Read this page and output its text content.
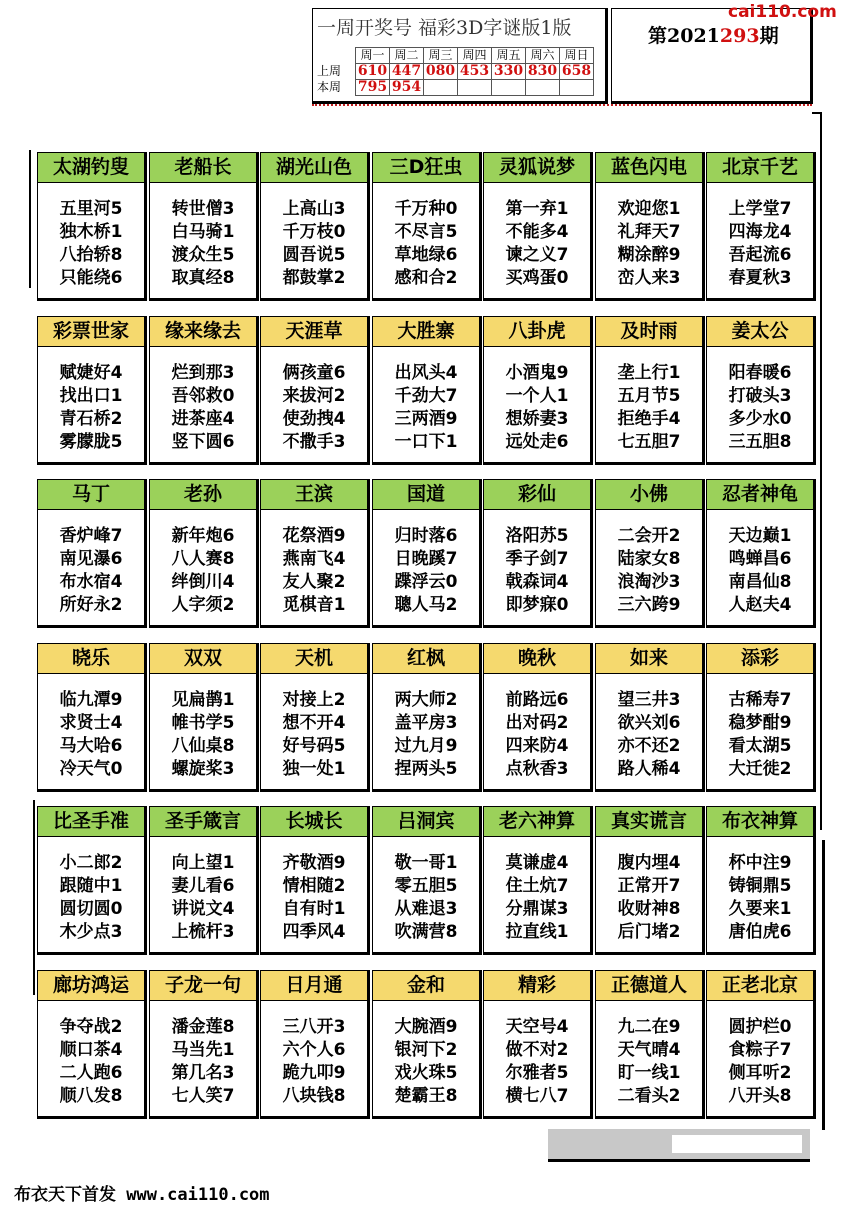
一周开奖号 福彩3D字谜版1版
	周一	周二	周三	周四	周五	周六	周日
上周	610	447	080	453	330	830	658
本周	795	954					
第2021293期
cai110.com
太湖钓叟
五里河5
独木桥1
八抬轿8
只能绕6
老船长
转世僧3
白马骑1
渡众生5
取真经8
湖光山色
上高山3
千万枝0
圆吾说5
都鼓掌2
三D狂虫
千万种0
不尽言5
草地绿6
感和合2
灵狐说梦
第一弃1
不能多4
谏之义7
买鸡蛋0
蓝色闪电
欢迎您1
礼拜天7
糊涂醉9
峦人来3
北京千艺
上学堂7
四海龙4
吾起流6
春夏秋3
彩票世家
赋婕好4
找出口1
青石桥2
雾朦胧5
缘来缘去
烂到那3
吾邻救0
进茶座4
竖下圆6
天涯草
俩孩童6
来拔河2
使劲拽4
不撒手3
大胜寨
出风头4
千劲大7
三两酒9
一口下1
八卦虎
小酒鬼9
一个人1
想娇妻3
远处走6
及时雨
垄上行1
五月节5
拒绝手4
七五胆7
姜太公
阳春暖6
打破头3
多少水0
三五胆8
马丁
香炉峰7
南见瀑6
布水宿4
所好永2
老孙
新年炮6
八人赛8
绊倒川4
人字须2
王滨
花祭酒9
燕南飞4
友人聚2
觅棋音1
国道
归时落6
日晚蹊7
蹀浮云0
聰人马2
彩仙
洛阳苏5
季子剑7
戟森词4
即梦寐0
小佛
二会开2
陆家女8
浪淘沙3
三六跨9
忍者神龟
天边巅1
鸣蝉昌6
南昌仙8
人赵夫4
晓乐
临九潭9
求贤士4
马大哈6
冷天气0
双双
见扁鹊1
帷书学5
八仙桌8
螺旋桨3
天机
对接上2
想不开4
好号码5
独一处1
红枫
两大师2
盖平房3
过九月9
捏两头5
晚秋
前路远6
出对码2
四来防4
点秋香3
如来
望三井3
欲兴刘6
亦不还2
路人稀4
添彩
古稀寿7
稳梦酣9
看太湖5
大迁徙2
比圣手准
小二郎2
跟随中1
圆切圆0
木少点3
圣手箴言
向上望1
妻儿看6
讲说文4
上梳杆3
长城长
齐敬酒9
情相随2
自有时1
四季风4
吕洞宾
敬一哥1
零五胆5
从难退3
吹满营8
老六神算
莫谦虚4
住土炕7
分鼎谋3
拉直线1
真实谎言
腹内埋4
正常开7
收财神8
后门堵2
布衣神算
杯中注9
铸铜鼎5
久要来1
唐伯虎6
廊坊鸿运
争夺战2
顺口茶4
二人跑6
顺八发8
子龙一句
潘金莲8
马当先1
第几名3
七人笑7
日月通
三八开3
六个人6
跪九叩9
八块钱8
金和
大腕酒9
银河下2
戏火珠5
楚霸王8
精彩
天空号4
做不对2
尔雅者5
横七八7
正德道人
九二在9
天气晴4
盯一线1
二看头2
正老北京
圆护栏0
食粽子7
侧耳听2
八开头8
布衣天下首发 www.cai110.com
